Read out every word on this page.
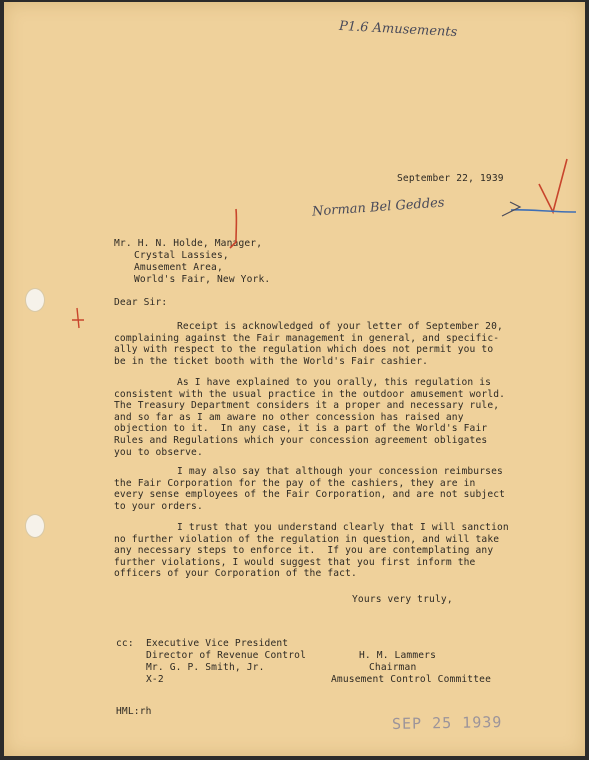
P1.6 Amusements
Norman Bel Geddes
September 22, 1939
Mr. H. N. Holde, Manager,
Crystal Lassies,
Amusement Area,
World's Fair, New York.
Dear Sir:
Receipt is acknowledged of your letter of September 20,
complaining against the Fair management in general, and specific-
ally with respect to the regulation which does not permit you to
be in the ticket booth with the World's Fair cashier.
As I have explained to you orally, this regulation is
consistent with the usual practice in the outdoor amusement world.
The Treasury Department considers it a proper and necessary rule,
and so far as I am aware no other concession has raised any
objection to it.  In any case, it is a part of the World's Fair
Rules and Regulations which your concession agreement obligates
you to observe.
I may also say that although your concession reimburses
the Fair Corporation for the pay of the cashiers, they are in
every sense employees of the Fair Corporation, and are not subject
to your orders.
I trust that you understand clearly that I will sanction
no further violation of the regulation in question, and will take
any necessary steps to enforce it.  If you are contemplating any
further violations, I would suggest that you first inform the
officers of your Corporation of the fact.
Yours very truly,
cc: Executive Vice President
Director of Revenue Control
Mr. G. P. Smith, Jr.
X-2
H. M. Lammers
Chairman
Amusement Control Committee
HML:rh
SEP 25 1939
